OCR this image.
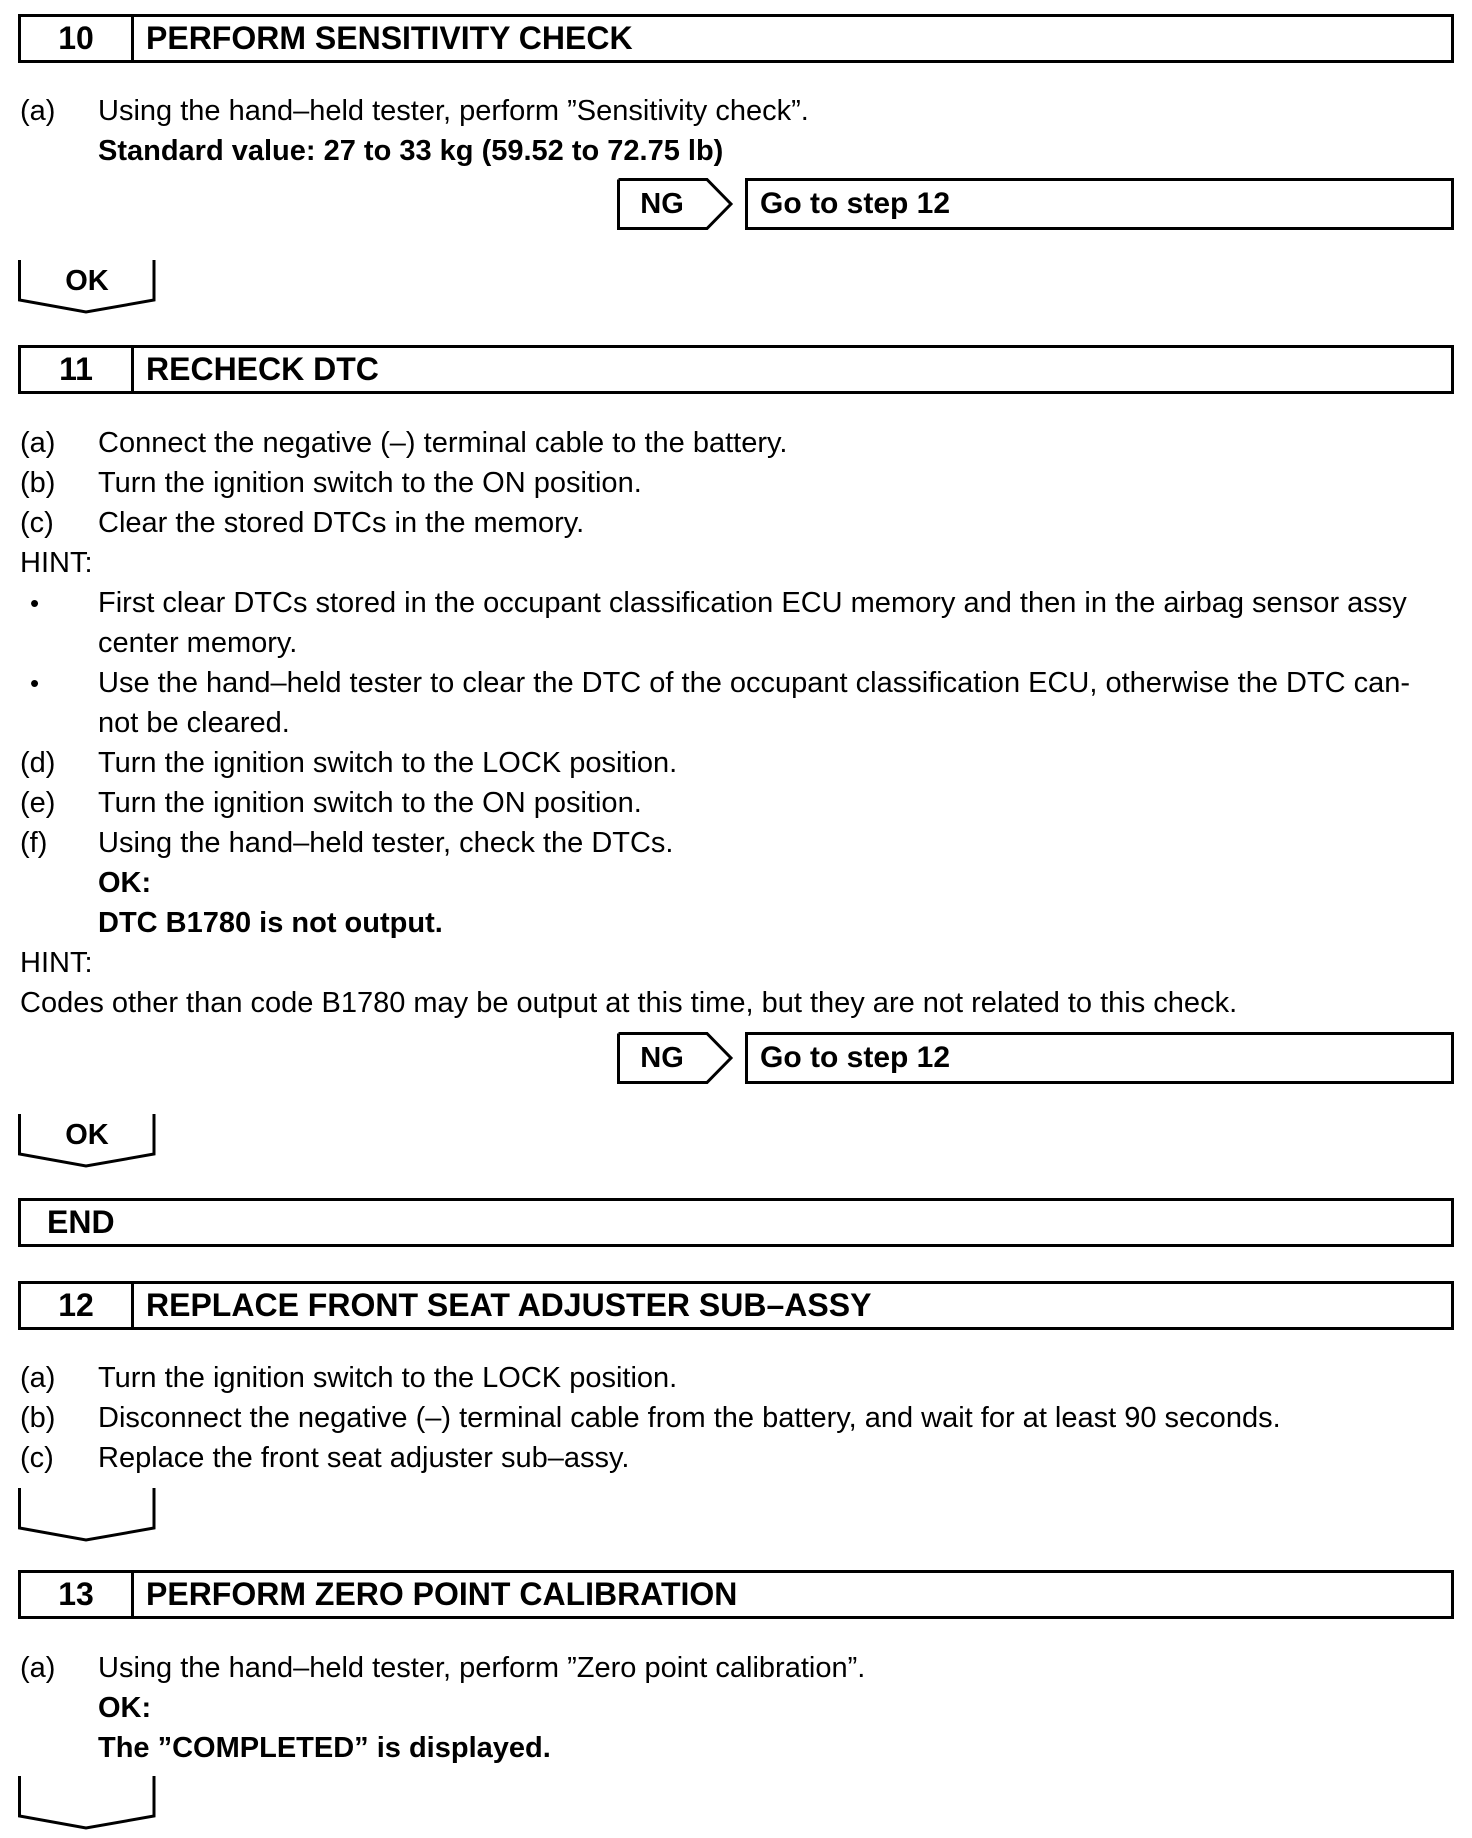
10	PERFORM SENSITIVITY CHECK
(a) Using the hand–held tester, perform ”Sensitivity check”.
Standard value: 27 to 33 kg (59.52 to 72.75 lb)
NG	Go to step 12
OK
11	RECHECK DTC
(a) Connect the negative (–) terminal cable to the battery.
(b) Turn the ignition switch to the ON position.
(c) Clear the stored DTCs in the memory.
HINT:
• First clear DTCs stored in the occupant classification ECU memory and then in the airbag sensor assy
center memory.
• Use the hand–held tester to clear the DTC of the occupant classification ECU, otherwise the DTC can-
not be cleared.
(d) Turn the ignition switch to the LOCK position.
(e) Turn the ignition switch to the ON position.
(f) Using the hand–held tester, check the DTCs.
OK:
DTC B1780 is not output.
HINT:
Codes other than code B1780 may be output at this time, but they are not related to this check.
NG	Go to step 12
OK
END
12	REPLACE FRONT SEAT ADJUSTER SUB–ASSY
(a) Turn the ignition switch to the LOCK position.
(b) Disconnect the negative (–) terminal cable from the battery, and wait for at least 90 seconds.
(c) Replace the front seat adjuster sub–assy.
13	PERFORM ZERO POINT CALIBRATION
(a) Using the hand–held tester, perform ”Zero point calibration”.
OK:
The ”COMPLETED” is displayed.
